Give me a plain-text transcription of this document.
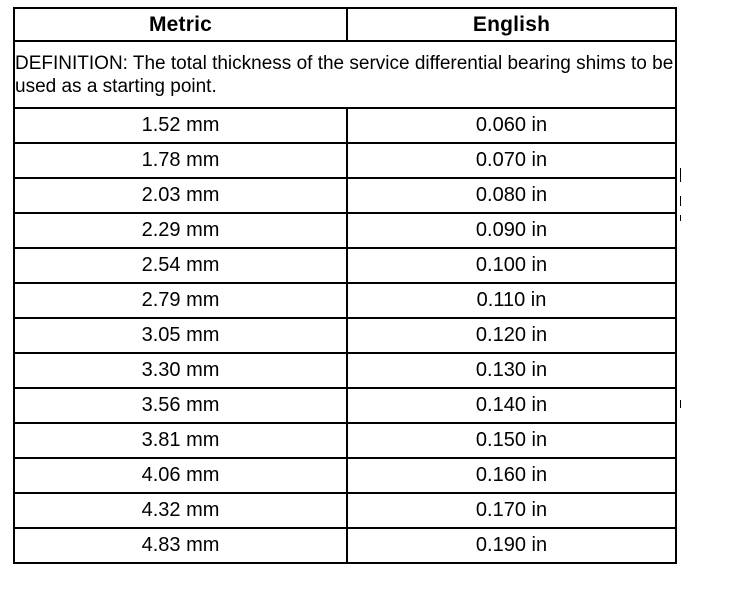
Metric	English
DEFINITION: The total thickness of the service differential bearing shims to be used as a starting point.	
1.52 mm	0.060 in
1.78 mm	0.070 in
2.03 mm	0.080 in
2.29 mm	0.090 in
2.54 mm	0.100 in
2.79 mm	0.110 in
3.05 mm	0.120 in
3.30 mm	0.130 in
3.56 mm	0.140 in
3.81 mm	0.150 in
4.06 mm	0.160 in
4.32 mm	0.170 in
4.83 mm	0.190 in
